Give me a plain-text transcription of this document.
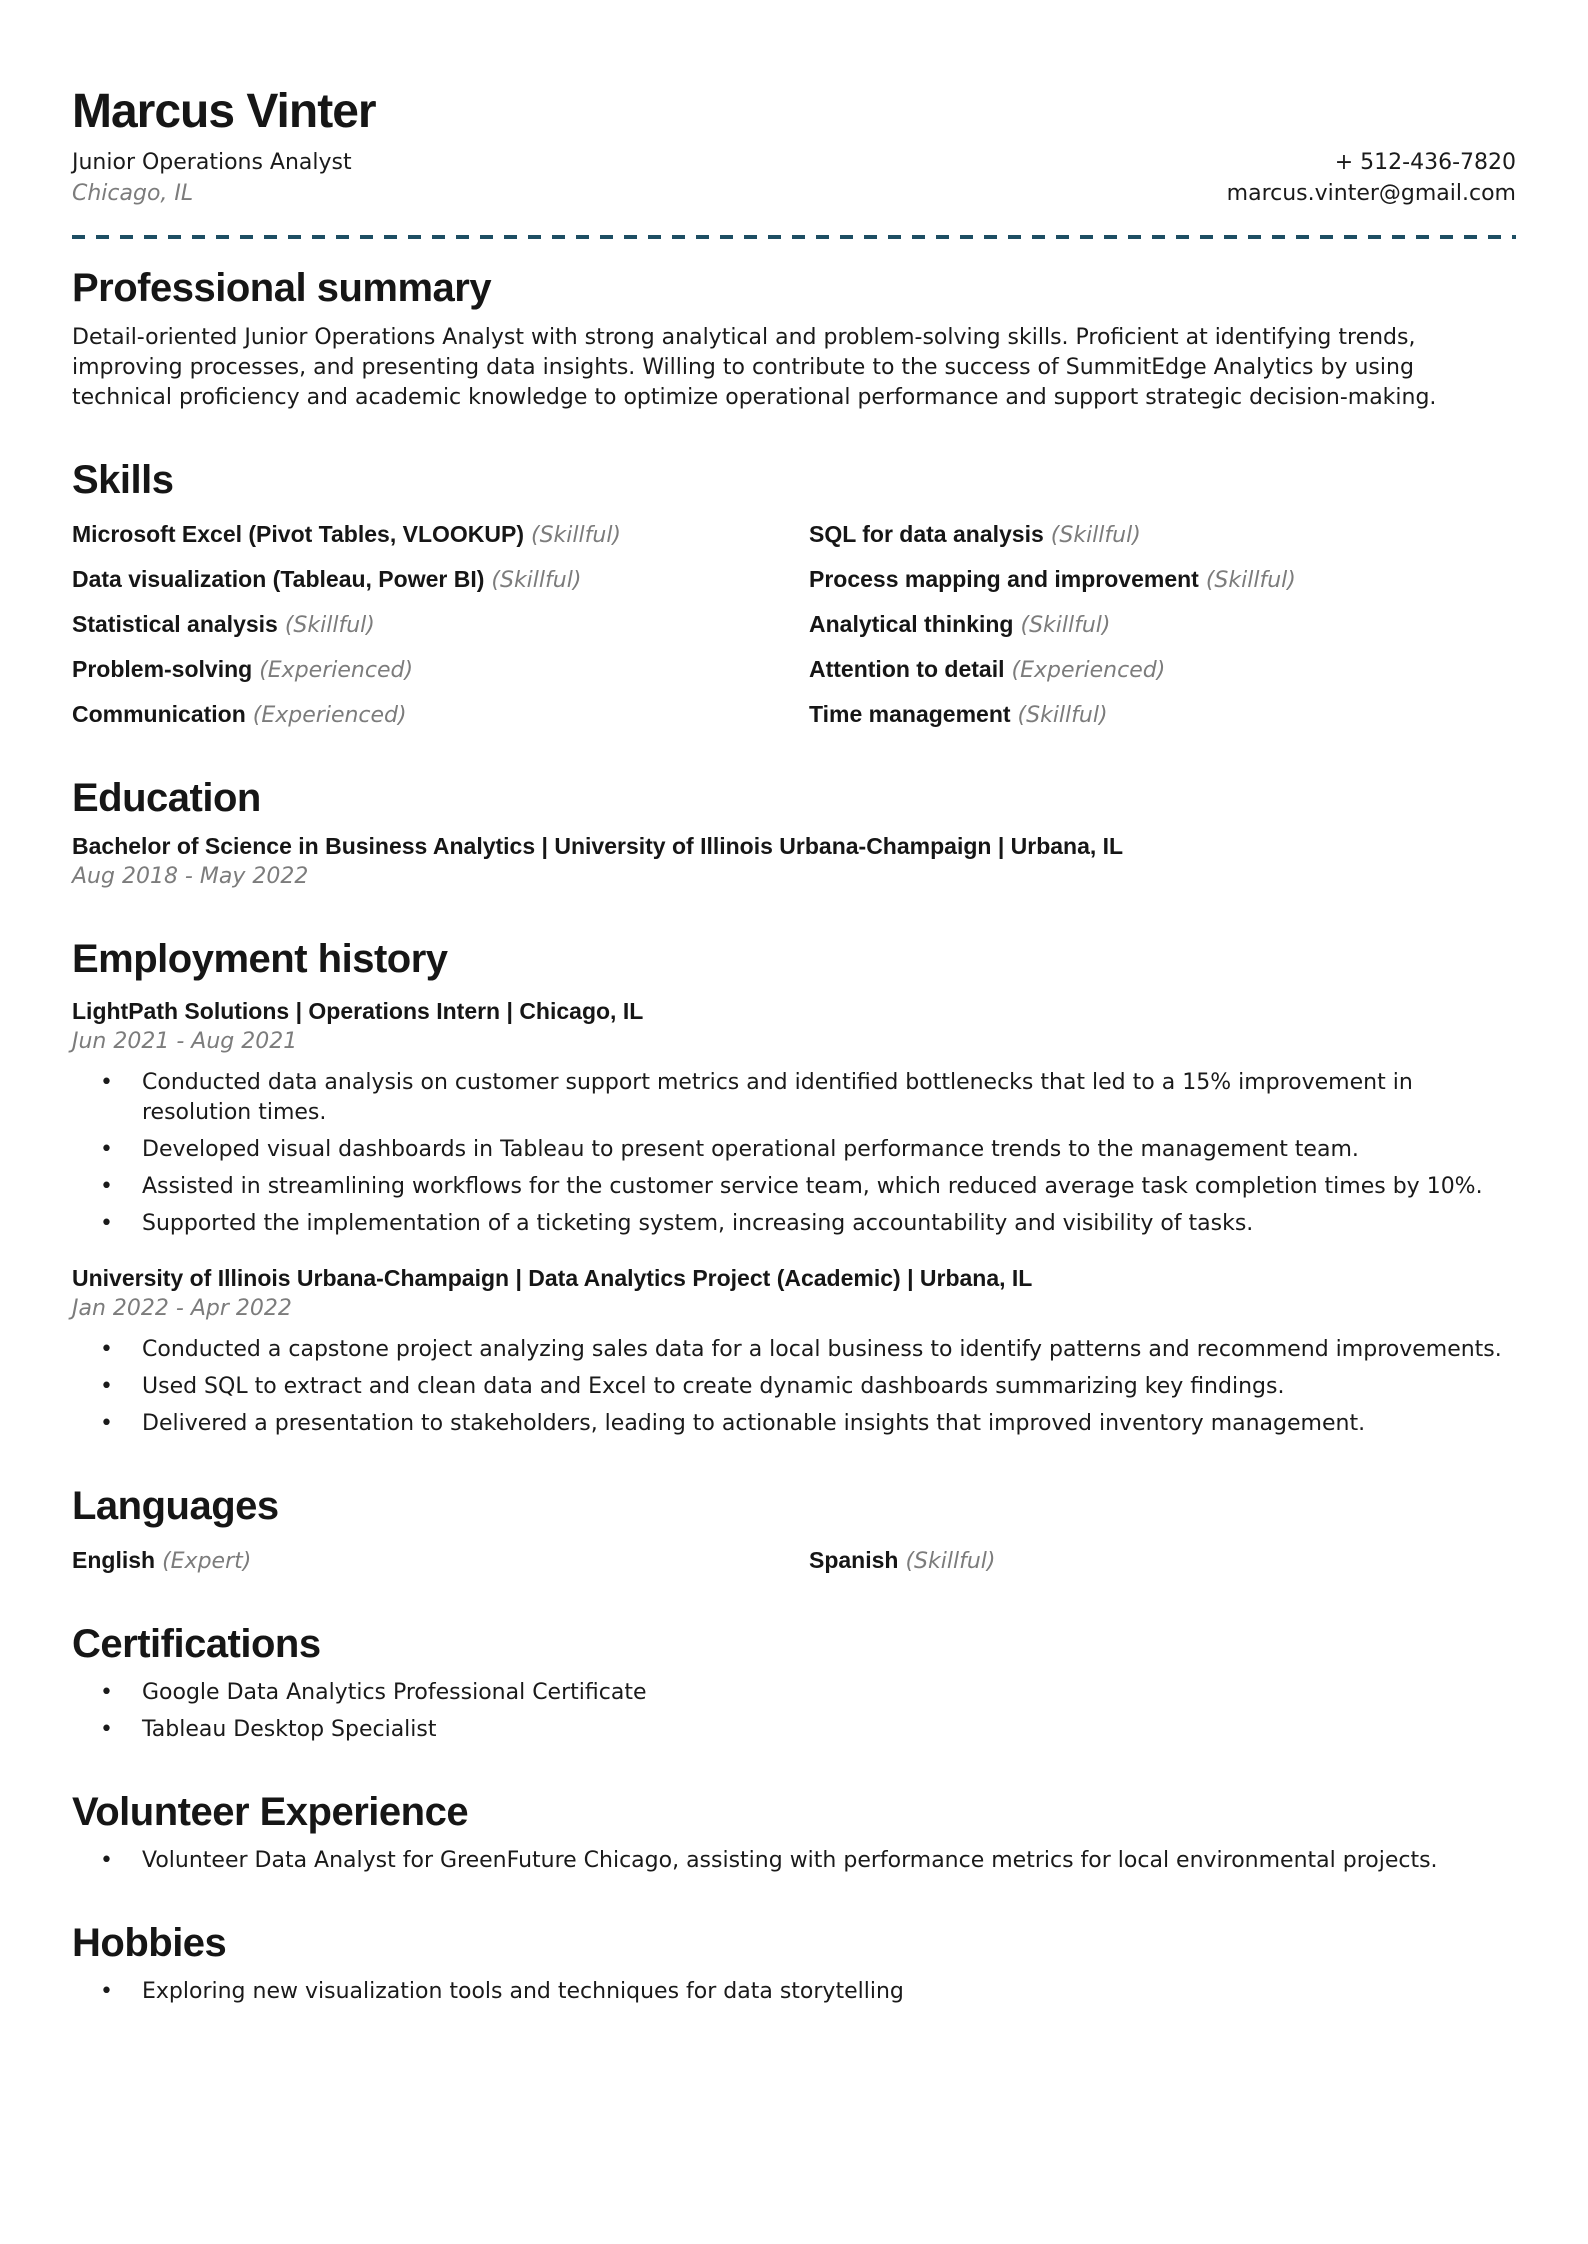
Marcus Vinter
Junior Operations Analyst
Chicago, IL
+ 512-436-7820
marcus.vinter@gmail.com
Professional summary

Detail-oriented Junior Operations Analyst with strong analytical and problem-solving skills. Proficient at identifying trends, improving processes, and presenting data insights. Willing to contribute to the success of SummitEdge Analytics by using technical proficiency and academic knowledge to optimize operational performance and support strategic decision-making.

Skills
Microsoft Excel (Pivot Tables, VLOOKUP) (Skillful)	SQL for data analysis (Skillful)
Data visualization (Tableau, Power BI) (Skillful)	Process mapping and improvement (Skillful)
Statistical analysis (Skillful)	Analytical thinking (Skillful)
Problem-solving (Experienced)	Attention to detail (Experienced)
Communication (Experienced)	Time management (Skillful)
Education
Bachelor of Science in Business Analytics | University of Illinois Urbana-Champaign | Urbana, IL
Aug 2018 - May 2022
Employment history
LightPath Solutions | Operations Intern | Chicago, IL
Jun 2021 - Aug 2021
• Conducted data analysis on customer support metrics and identified bottlenecks that led to a 15% improvement in resolution times.
• Developed visual dashboards in Tableau to present operational performance trends to the management team.
• Assisted in streamlining workflows for the customer service team, which reduced average task completion times by 10%.
• Supported the implementation of a ticketing system, increasing accountability and visibility of tasks.
University of Illinois Urbana-Champaign | Data Analytics Project (Academic) | Urbana, IL
Jan 2022 - Apr 2022
• Conducted a capstone project analyzing sales data for a local business to identify patterns and recommend improvements.
• Used SQL to extract and clean data and Excel to create dynamic dashboards summarizing key findings.
• Delivered a presentation to stakeholders, leading to actionable insights that improved inventory management.
Languages
English (Expert)	Spanish (Skillful)
Certifications
• Google Data Analytics Professional Certificate
• Tableau Desktop Specialist
Volunteer Experience
• Volunteer Data Analyst for GreenFuture Chicago, assisting with performance metrics for local environmental projects.
Hobbies
• Exploring new visualization tools and techniques for data storytelling
